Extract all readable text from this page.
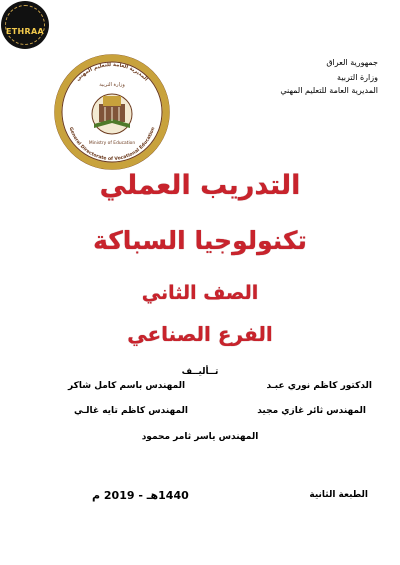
ETHRAA
المديرية العامة للتعليم المهني
General Directorate of Vocational Education
وزارة التربية
Ministry of Education
جمهورية العراق
وزارة التربية
المديرية العامة للتعليم المهني
التدريب العملي
تكنولوجيا السباكة
الصف الثاني
الفرع الصناعي
تــأليــف
الدكتور كاظم نوري عبـد
المهندس باسم كامل شاكر
المهندس ثائر غازي مجيد
المهندس كاظم تايه غالـي
المهندس ياسر ثامر محمود
الطبعة الثانية
1440هـ - 2019 م
